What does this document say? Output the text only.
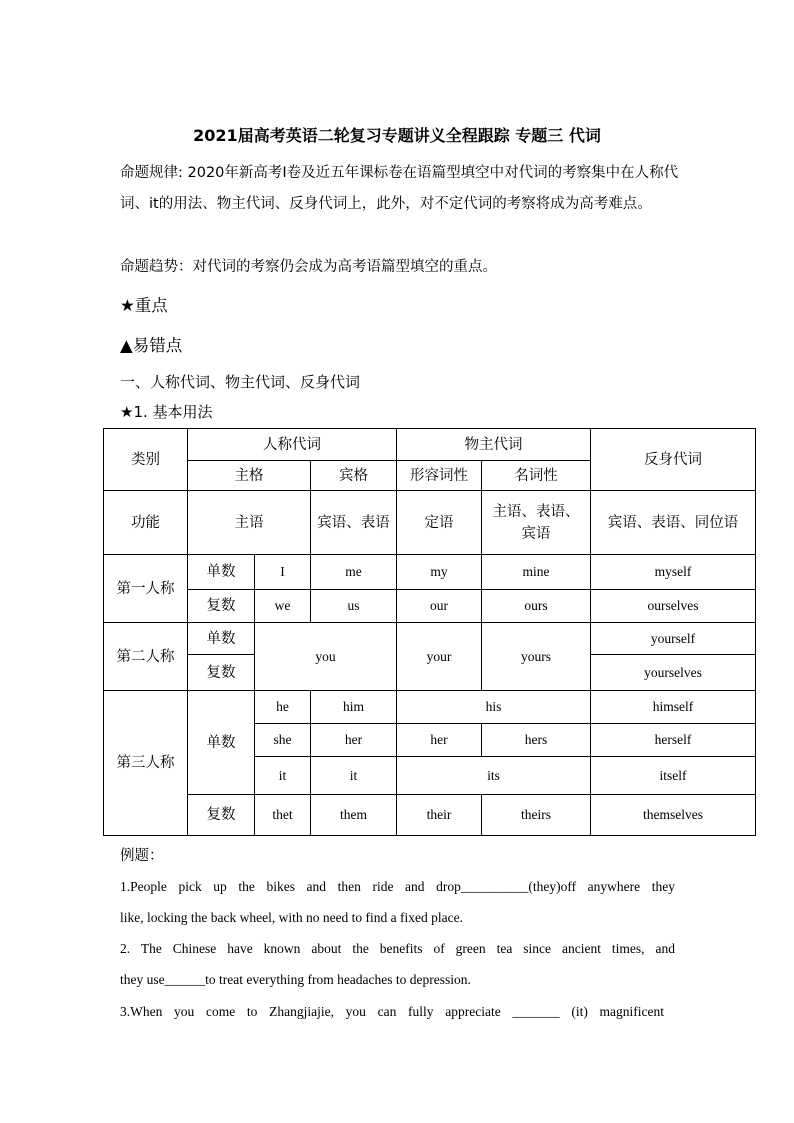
2021届高考英语二轮复习专题讲义全程跟踪 专题三 代词
命题规律: 2020年新高考Ⅰ卷及近五年课标卷在语篇型填空中对代词的考察集中在人称代词、it的用法、物主代词、反身代词上，此外，对不定代词的考察将成为高考难点。
命题趋势：对代词的考察仍会成为高考语篇型填空的重点。
★重点
▲易错点
一、人称代词、物主代词、反身代词
★1. 基本用法
类别	人称代词			物主代词		反身代词
	主格		宾格	形容词性	名词性	
功能	主语		宾语、表语	定语	主语、表语、宾语	宾语、表语、同位语
第一人称	单数	I	me	my	mine	myself
	复数	we	us	our	ours	ourselves
第二人称	单数	you		your	yours	yourself
	复数					yourselves
第三人称	单数	he	him	his		himself
		she	her	her	hers	herself
		it	it	its		itself
	复数	thet	them	their	theirs	themselves
例题：
1.People pick up the bikes and then ride and drop__________(they)off anywhere they
like, locking the back wheel, with no need to find a fixed place.
2. The Chinese have known about the benefits of green tea since ancient times, and
they use______to treat everything from headaches to depression.
3.When you come to Zhangjiajie, you can fully appreciate _______ (it) magnificent
